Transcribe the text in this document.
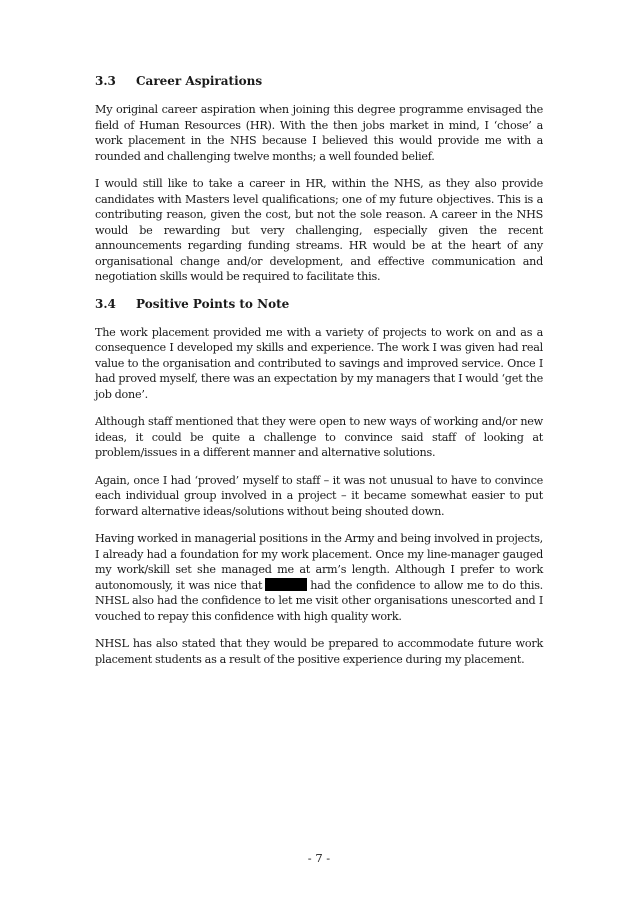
3.3 Career Aspirations

My original career aspiration when joining this degree programme envisaged the field of Human Resources (HR). With the then jobs market in mind, I ‘chose’ a work placement in the NHS because I believed this would provide me with a rounded and challenging twelve months; a well founded belief.

I would still like to take a career in HR, within the NHS, as they also provide candidates with Masters level qualifications; one of my future objectives. This is a contributing reason, given the cost, but not the sole reason. A career in the NHS would be rewarding but very challenging, especially given the recent announcements regarding funding streams. HR would be at the heart of any organisational change and/or development, and effective communication and negotiation skills would be required to facilitate this.

3.4 Positive Points to Note

The work placement provided me with a variety of projects to work on and as a consequence I developed my skills and experience. The work I was given had real value to the organisation and contributed to savings and improved service. Once I had proved myself, there was an expectation by my managers that I would ‘get the job done’.

Although staff mentioned that they were open to new ways of working and/or new ideas, it could be quite a challenge to convince said staff of looking at problem/issues in a different manner and alternative solutions.

Again, once I had ‘proved’ myself to staff – it was not unusual to have to convince each individual group involved in a project – it became somewhat easier to put forward alternative ideas/solutions without being shouted down.

Having worked in managerial positions in the Army and being involved in projects, I already had a foundation for my work placement. Once my line-manager gauged my work/skill set she managed me at arm’s length. Although I prefer to work autonomously, it was nice that	had the confidence to allow me to do this. NHSL also had the confidence to let me visit other organisations unescorted and I vouched to repay this confidence with high quality work.

NHSL has also stated that they would be prepared to accommodate future work placement students as a result of the positive experience during my placement.

- 7 -
